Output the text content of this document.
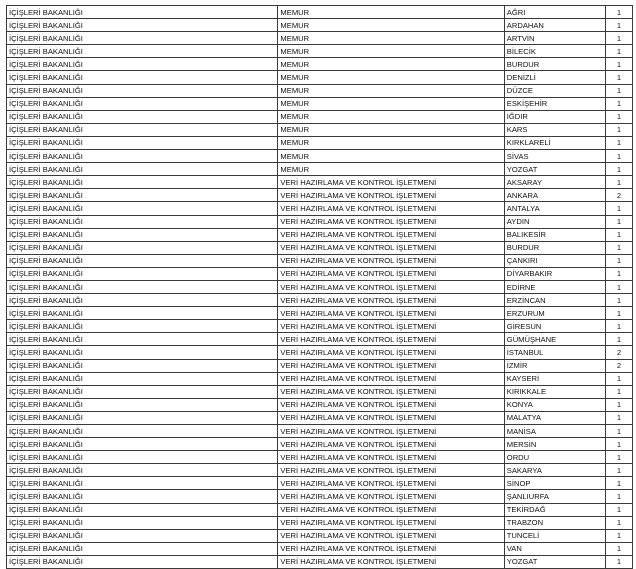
İÇİŞLERİ BAKANLIĞI	MEMUR	AĞRI	1
İÇİŞLERİ BAKANLIĞI	MEMUR	ARDAHAN	1
İÇİŞLERİ BAKANLIĞI	MEMUR	ARTVİN	1
İÇİŞLERİ BAKANLIĞI	MEMUR	BİLECİK	1
İÇİŞLERİ BAKANLIĞI	MEMUR	BURDUR	1
İÇİŞLERİ BAKANLIĞI	MEMUR	DENİZLİ	1
İÇİŞLERİ BAKANLIĞI	MEMUR	DÜZCE	1
İÇİŞLERİ BAKANLIĞI	MEMUR	ESKİŞEHİR	1
İÇİŞLERİ BAKANLIĞI	MEMUR	IĞDIR	1
İÇİŞLERİ BAKANLIĞI	MEMUR	KARS	1
İÇİŞLERİ BAKANLIĞI	MEMUR	KIRKLARELİ	1
İÇİŞLERİ BAKANLIĞI	MEMUR	SİVAS	1
İÇİŞLERİ BAKANLIĞI	MEMUR	YOZGAT	1
İÇİŞLERİ BAKANLIĞI	VERİ HAZIRLAMA VE KONTROL İŞLETMENİ	AKSARAY	1
İÇİŞLERİ BAKANLIĞI	VERİ HAZIRLAMA VE KONTROL İŞLETMENİ	ANKARA	2
İÇİŞLERİ BAKANLIĞI	VERİ HAZIRLAMA VE KONTROL İŞLETMENİ	ANTALYA	1
İÇİŞLERİ BAKANLIĞI	VERİ HAZIRLAMA VE KONTROL İŞLETMENİ	AYDIN	1
İÇİŞLERİ BAKANLIĞI	VERİ HAZIRLAMA VE KONTROL İŞLETMENİ	BALIKESİR	1
İÇİŞLERİ BAKANLIĞI	VERİ HAZIRLAMA VE KONTROL İŞLETMENİ	BURDUR	1
İÇİŞLERİ BAKANLIĞI	VERİ HAZIRLAMA VE KONTROL İŞLETMENİ	ÇANKIRI	1
İÇİŞLERİ BAKANLIĞI	VERİ HAZIRLAMA VE KONTROL İŞLETMENİ	DİYARBAKIR	1
İÇİŞLERİ BAKANLIĞI	VERİ HAZIRLAMA VE KONTROL İŞLETMENİ	EDİRNE	1
İÇİŞLERİ BAKANLIĞI	VERİ HAZIRLAMA VE KONTROL İŞLETMENİ	ERZİNCAN	1
İÇİŞLERİ BAKANLIĞI	VERİ HAZIRLAMA VE KONTROL İŞLETMENİ	ERZURUM	1
İÇİŞLERİ BAKANLIĞI	VERİ HAZIRLAMA VE KONTROL İŞLETMENİ	GİRESUN	1
İÇİŞLERİ BAKANLIĞI	VERİ HAZIRLAMA VE KONTROL İŞLETMENİ	GÜMÜŞHANE	1
İÇİŞLERİ BAKANLIĞI	VERİ HAZIRLAMA VE KONTROL İŞLETMENİ	İSTANBUL	2
İÇİŞLERİ BAKANLIĞI	VERİ HAZIRLAMA VE KONTROL İŞLETMENİ	İZMİR	2
İÇİŞLERİ BAKANLIĞI	VERİ HAZIRLAMA VE KONTROL İŞLETMENİ	KAYSERİ	1
İÇİŞLERİ BAKANLIĞI	VERİ HAZIRLAMA VE KONTROL İŞLETMENİ	KIRIKKALE	1
İÇİŞLERİ BAKANLIĞI	VERİ HAZIRLAMA VE KONTROL İŞLETMENİ	KONYA	1
İÇİŞLERİ BAKANLIĞI	VERİ HAZIRLAMA VE KONTROL İŞLETMENİ	MALATYA	1
İÇİŞLERİ BAKANLIĞI	VERİ HAZIRLAMA VE KONTROL İŞLETMENİ	MANİSA	1
İÇİŞLERİ BAKANLIĞI	VERİ HAZIRLAMA VE KONTROL İŞLETMENİ	MERSİN	1
İÇİŞLERİ BAKANLIĞI	VERİ HAZIRLAMA VE KONTROL İŞLETMENİ	ORDU	1
İÇİŞLERİ BAKANLIĞI	VERİ HAZIRLAMA VE KONTROL İŞLETMENİ	SAKARYA	1
İÇİŞLERİ BAKANLIĞI	VERİ HAZIRLAMA VE KONTROL İŞLETMENİ	SİNOP	1
İÇİŞLERİ BAKANLIĞI	VERİ HAZIRLAMA VE KONTROL İŞLETMENİ	ŞANLIURFA	1
İÇİŞLERİ BAKANLIĞI	VERİ HAZIRLAMA VE KONTROL İŞLETMENİ	TEKİRDAĞ	1
İÇİŞLERİ BAKANLIĞI	VERİ HAZIRLAMA VE KONTROL İŞLETMENİ	TRABZON	1
İÇİŞLERİ BAKANLIĞI	VERİ HAZIRLAMA VE KONTROL İŞLETMENİ	TUNCELİ	1
İÇİŞLERİ BAKANLIĞI	VERİ HAZIRLAMA VE KONTROL İŞLETMENİ	VAN	1
İÇİŞLERİ BAKANLIĞI	VERİ HAZIRLAMA VE KONTROL İŞLETMENİ	YOZGAT	1
